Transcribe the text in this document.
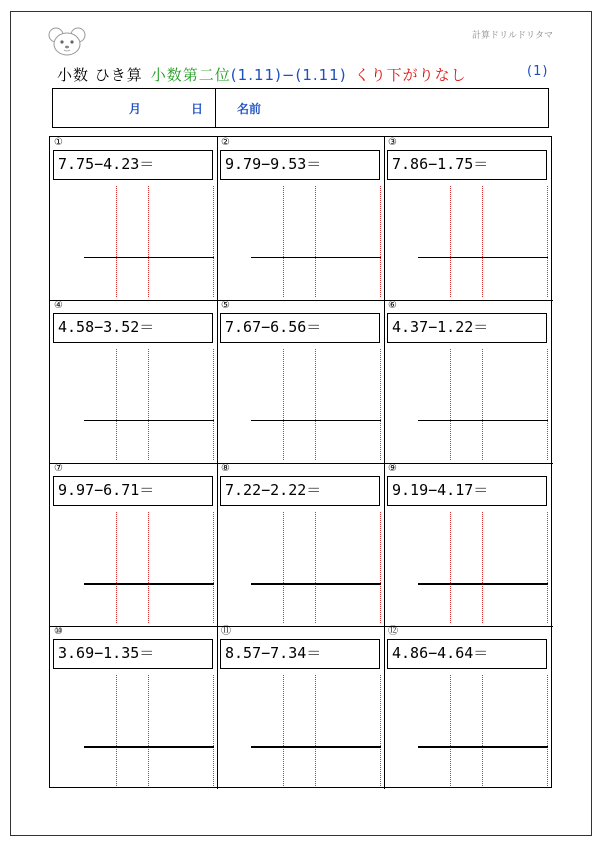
計算ドリルドリタマ
小数 ひき算 小数第二位(1.11)−(1.11) くり下がりなし	(1)
月	日	名前
①
7.75−4.23＝
②
9.79−9.53＝
③
7.86−1.75＝
④
4.58−3.52＝
⑤
7.67−6.56＝
⑥
4.37−1.22＝
⑦
9.97−6.71＝
⑧
7.22−2.22＝
⑨
9.19−4.17＝
⑩
3.69−1.35＝
⑪
8.57−7.34＝
⑫
4.86−4.64＝
